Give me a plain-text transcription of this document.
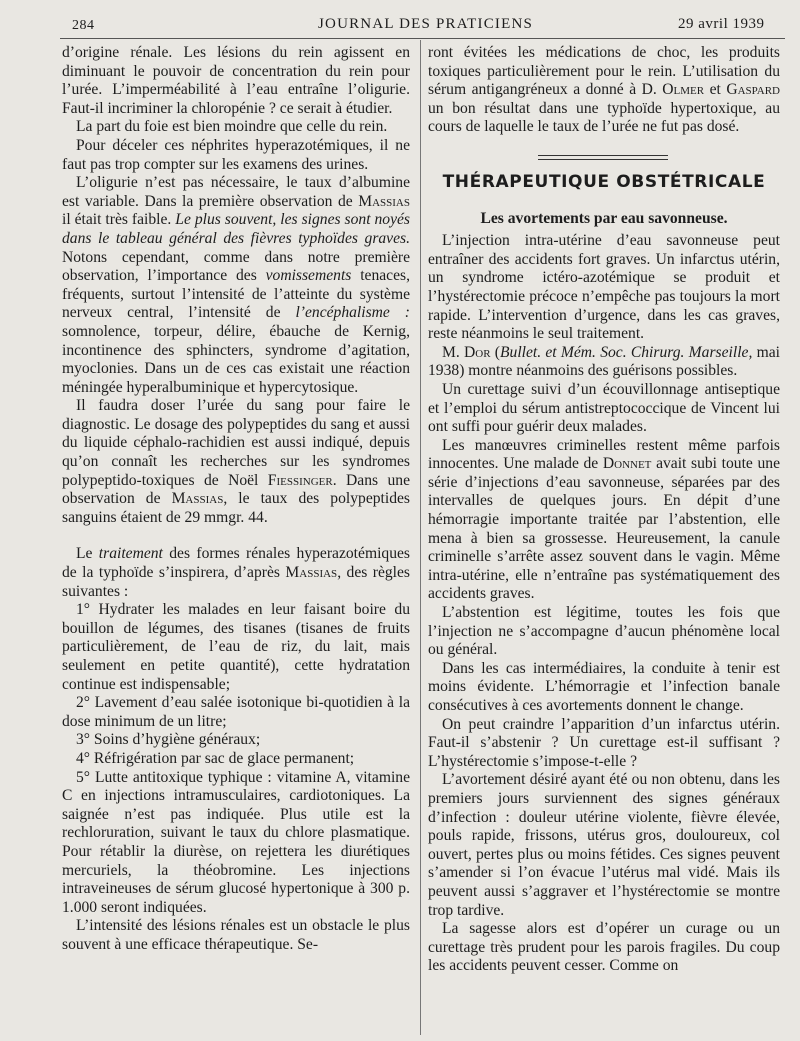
284	JOURNAL DES PRATICIENS	29 avril 1939

d’origine rénale. Les lésions du rein agissent en diminuant le pouvoir de concentration du rein pour l’urée. L’imperméabilité à l’eau entraîne l’oligurie. Faut-il incriminer la chloropénie ? ce serait à étudier.

La part du foie est bien moindre que celle du rein.

Pour déceler ces néphrites hyperazotémiques, il ne faut pas trop compter sur les examens des urines.

L’oligurie n’est pas nécessaire, le taux d’albumine est variable. Dans la première observation de Massias il était très faible. Le plus souvent, les signes sont noyés dans le tableau général des fièvres typhoïdes graves. Notons cependant, comme dans notre première observation, l’importance des vomissements tenaces, fréquents, surtout l’intensité de l’atteinte du système nerveux central, l’intensité de l’encéphalisme : somnolence, torpeur, délire, ébauche de Kernig, incontinence des sphincters, syndrome d’agitation, myoclonies. Dans un de ces cas existait une réaction méningée hyperalbuminique et hypercytosique.

Il faudra doser l’urée du sang pour faire le diagnostic. Le dosage des polypeptides du sang et aussi du liquide céphalo-rachidien est aussi indiqué, depuis qu’on connaît les recherches sur les syndromes polypeptido-toxiques de Noël Fiessinger. Dans une observation de Massias, le taux des polypeptides sanguins étaient de 29 mmgr. 44.

Le traitement des formes rénales hyperazotémiques de la typhoïde s’inspirera, d’après Massias, des règles suivantes :

1° Hydrater les malades en leur faisant boire du bouillon de légumes, des tisanes (tisanes de fruits particulièrement, de l’eau de riz, du lait, mais seulement en petite quantité), cette hydratation continue est indispensable;

2° Lavement d’eau salée isotonique bi-quotidien à la dose minimum de un litre;

3° Soins d’hygiène généraux;

4° Réfrigération par sac de glace permanent;

5° Lutte antitoxique typhique : vitamine A, vitamine C en injections intramusculaires, cardiotoniques. La saignée n’est pas indiquée. Plus utile est la rechloruration, suivant le taux du chlore plasmatique. Pour rétablir la diurèse, on rejettera les diurétiques mercuriels, la théobromine. Les injections intraveineuses de sérum glucosé hypertonique à 300 p. 1.000 seront indiquées.

L’intensité des lésions rénales est un obstacle le plus souvent à une efficace thérapeutique. Se-

ront évitées les médications de choc, les produits toxiques particulièrement pour le rein. L’utilisation du sérum antigangréneux a donné à D. Olmer et Gaspard un bon résultat dans une typhoïde hypertoxique, au cours de laquelle le taux de l’urée ne fut pas dosé.

THÉRAPEUTIQUE OBSTÉTRICALE
Les avortements par eau savonneuse.

L’injection intra-utérine d’eau savonneuse peut entraîner des accidents fort graves. Un infarctus utérin, un syndrome ictéro-azotémique se produit et l’hystérectomie précoce n’empêche pas toujours la mort rapide. L’intervention d’urgence, dans les cas graves, reste néanmoins le seul traitement.

M. Dor (Bullet. et Mém. Soc. Chirurg. Marseille, mai 1938) montre néanmoins des guérisons possibles.

Un curettage suivi d’un écouvillonnage antiseptique et l’emploi du sérum antistreptococcique de Vincent lui ont suffi pour guérir deux malades.

Les manœuvres criminelles restent même parfois innocentes. Une malade de Donnet avait subi toute une série d’injections d’eau savonneuse, séparées par des intervalles de quelques jours. En dépit d’une hémorragie importante traitée par l’abstention, elle mena à bien sa grossesse. Heureusement, la canule criminelle s’arrête assez souvent dans le vagin. Même intra-utérine, elle n’entraîne pas systématiquement des accidents graves.

L’abstention est légitime, toutes les fois que l’injection ne s’accompagne d’aucun phénomène local ou général.

Dans les cas intermédiaires, la conduite à tenir est moins évidente. L’hémorragie et l’infection banale consécutives à ces avortements donnent le change.

On peut craindre l’apparition d’un infarctus utérin. Faut-il s’abstenir ? Un curettage est-il suffisant ? L’hystérectomie s’impose-t-elle ?

L’avortement désiré ayant été ou non obtenu, dans les premiers jours surviennent des signes généraux d’infection : douleur utérine violente, fièvre élevée, pouls rapide, frissons, utérus gros, douloureux, col ouvert, pertes plus ou moins fétides. Ces signes peuvent s’amender si l’on évacue l’utérus mal vidé. Mais ils peuvent aussi s’aggraver et l’hystérectomie se montre trop tardive.

La sagesse alors est d’opérer un curage ou un curettage très prudent pour les parois fragiles. Du coup les accidents peuvent cesser. Comme on
